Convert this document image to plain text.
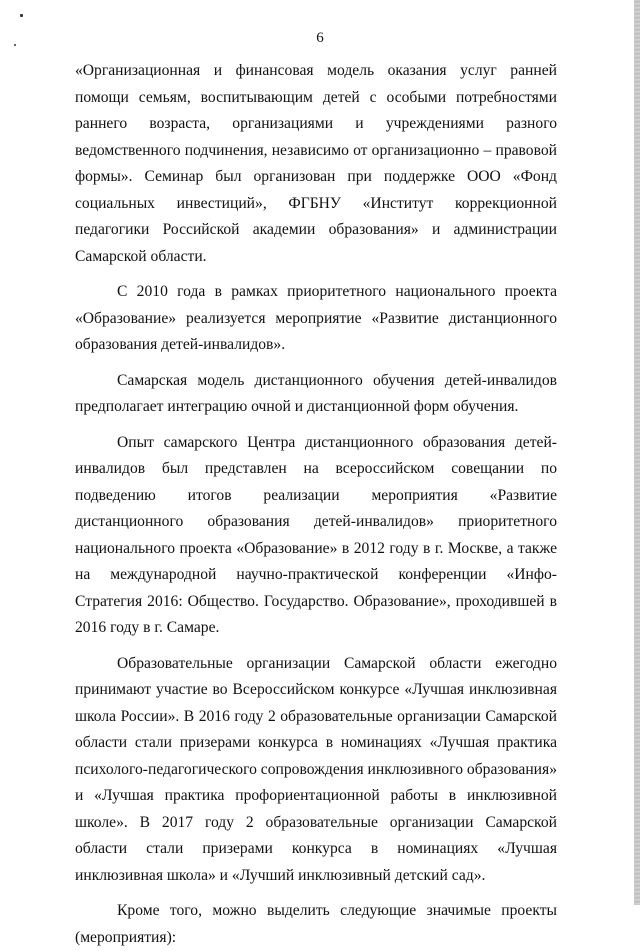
6

«Организационная и финансовая модель оказания услуг ранней помощи семьям, воспитывающим детей с особыми потребностями раннего возраста, организациями и учреждениями разного ведомственного подчинения, независимо от организационно – правовой формы». Семинар был организован при поддержке ООО «Фонд социальных инвестиций», ФГБНУ «Институт коррекционной педагогики Российской академии образования» и администрации Самарской области.

С 2010 года в рамках приоритетного национального проекта «Образование» реализуется мероприятие «Развитие дистанционного образования детей-инвалидов».

Самарская модель дистанционного обучения детей-инвалидов предполагает интеграцию очной и дистанционной форм обучения.

Опыт самарского Центра дистанционного образования детей-инвалидов был представлен на всероссийском совещании по подведению итогов реализации мероприятия «Развитие дистанционного образования детей-инвалидов» приоритетного национального проекта «Образование» в 2012 году в г. Москве, а также на международной научно-практической конференции «Инфо-Стратегия 2016: Общество. Государство. Образование», проходившей в 2016 году в г. Самаре.

Образовательные организации Самарской области ежегодно принимают участие во Всероссийском конкурсе «Лучшая инклюзивная школа России». В 2016 году 2 образовательные организации Самарской области стали призерами конкурса в номинациях «Лучшая практика психолого-педагогического сопровождения инклюзивного образования» и «Лучшая практика профориентационной работы в инклюзивной школе». В 2017 году 2 образовательные организации Самарской области стали призерами конкурса в номинациях «Лучшая инклюзивная школа» и «Лучший инклюзивный детский сад».

Кроме того, можно выделить следующие значимые проекты (мероприятия):
